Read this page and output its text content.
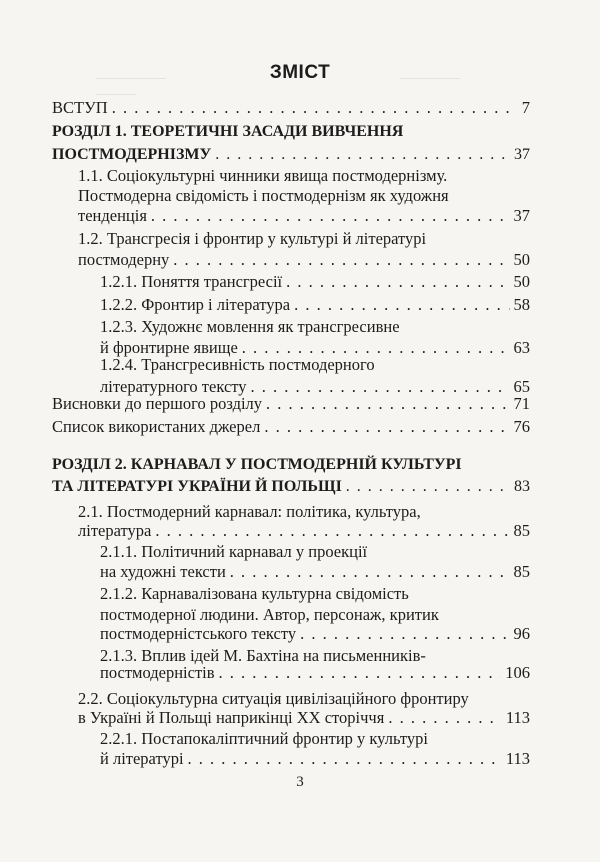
ЗМІСТ
ВСТУП . . .	7
РОЗДІЛ 1. ТЕОРЕТИЧНІ ЗАСАДИ ВИВЧЕННЯ
ПОСТМОДЕРНІЗМУ . . .	37
1.1. Соціокультурні чинники явища постмодернізму.
Постмодерна свідомість і постмодернізм як художня
тенденція . . .	37
1.2. Трансгресія і фронтир у культурі й літературі
постмодерну . . .	50
1.2.1. Поняття трансгресії . . .	50
1.2.2. Фронтир і література . . .	58
1.2.3. Художнє мовлення як трансгресивне
й фронтирне явище . . .	63
1.2.4. Трансгресивність постмодерного
літературного тексту . . .	65
Висновки до першого розділу . . .	71
Список використаних джерел . . .	76
РОЗДІЛ 2. КАРНАВАЛ У ПОСТМОДЕРНІЙ КУЛЬТУРІ
ТА ЛІТЕРАТУРІ УКРАЇНИ Й ПОЛЬЩІ . . .	83
2.1. Постмодерний карнавал: політика, культура,
література . . .	85
2.1.1. Політичний карнавал у проекції
на художні тексти . . .	85
2.1.2. Карнавалізована культурна свідомість
постмодерної людини. Автор, персонаж, критик
постмодерністського тексту . . .	96
2.1.3. Вплив ідей М. Бахтіна на письменників-
постмодерністів . . .	106
2.2. Соціокультурна ситуація цивілізаційного фронтиру
в Україні й Польщі наприкінці XX сторіччя . . .	113
2.2.1. Постапокаліптичний фронтир у культурі
й літературі . . .	113
3
